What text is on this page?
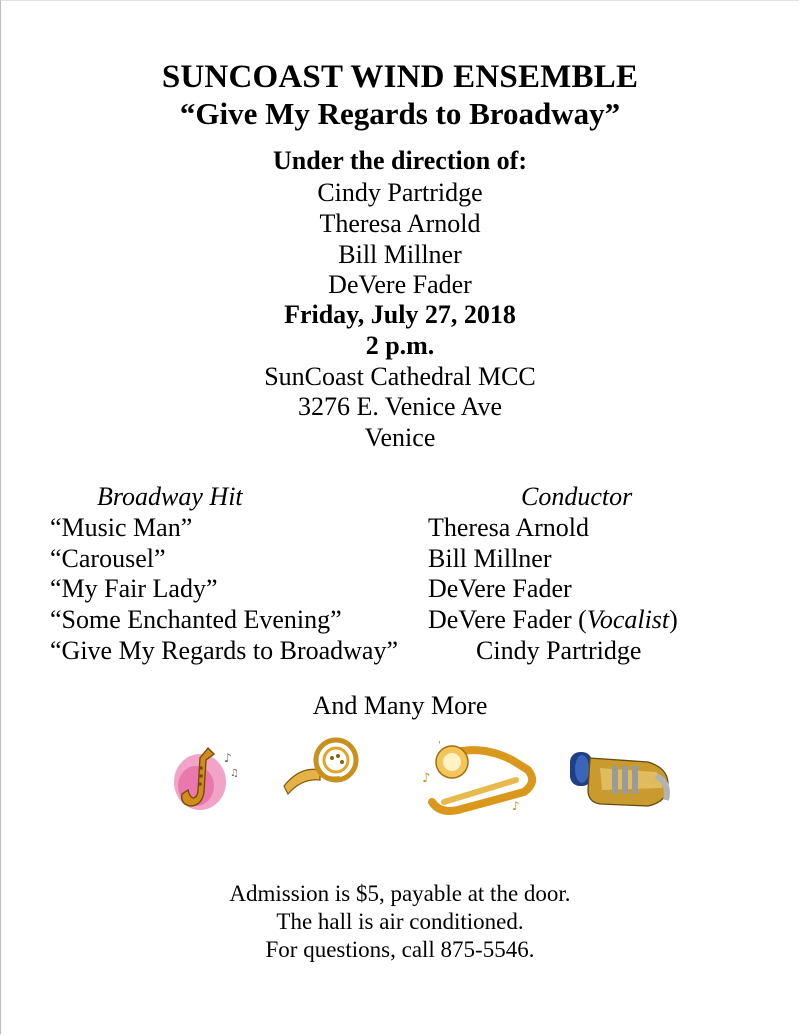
SUNCOAST WIND ENSEMBLE
“Give My Regards to Broadway”
Under the direction of:
Cindy Partridge
Theresa Arnold
Bill Millner
DeVere Fader
Friday, July 27, 2018
2 p.m.
SunCoast Cathedral MCC
3276 E. Venice Ave
Venice
Broadway Hit	Conductor
“Music Man”	Theresa Arnold
“Carousel”	Bill Millner
“My Fair Lady”	DeVere Fader
“Some Enchanted Evening”	DeVere Fader (Vocalist)
“Give My Regards to Broadway”	Cindy Partridge
And Many More
♪
♫	♪
♪
'
Admission is $5, payable at the door.
The hall is air conditioned.
For questions, call 875-5546.
